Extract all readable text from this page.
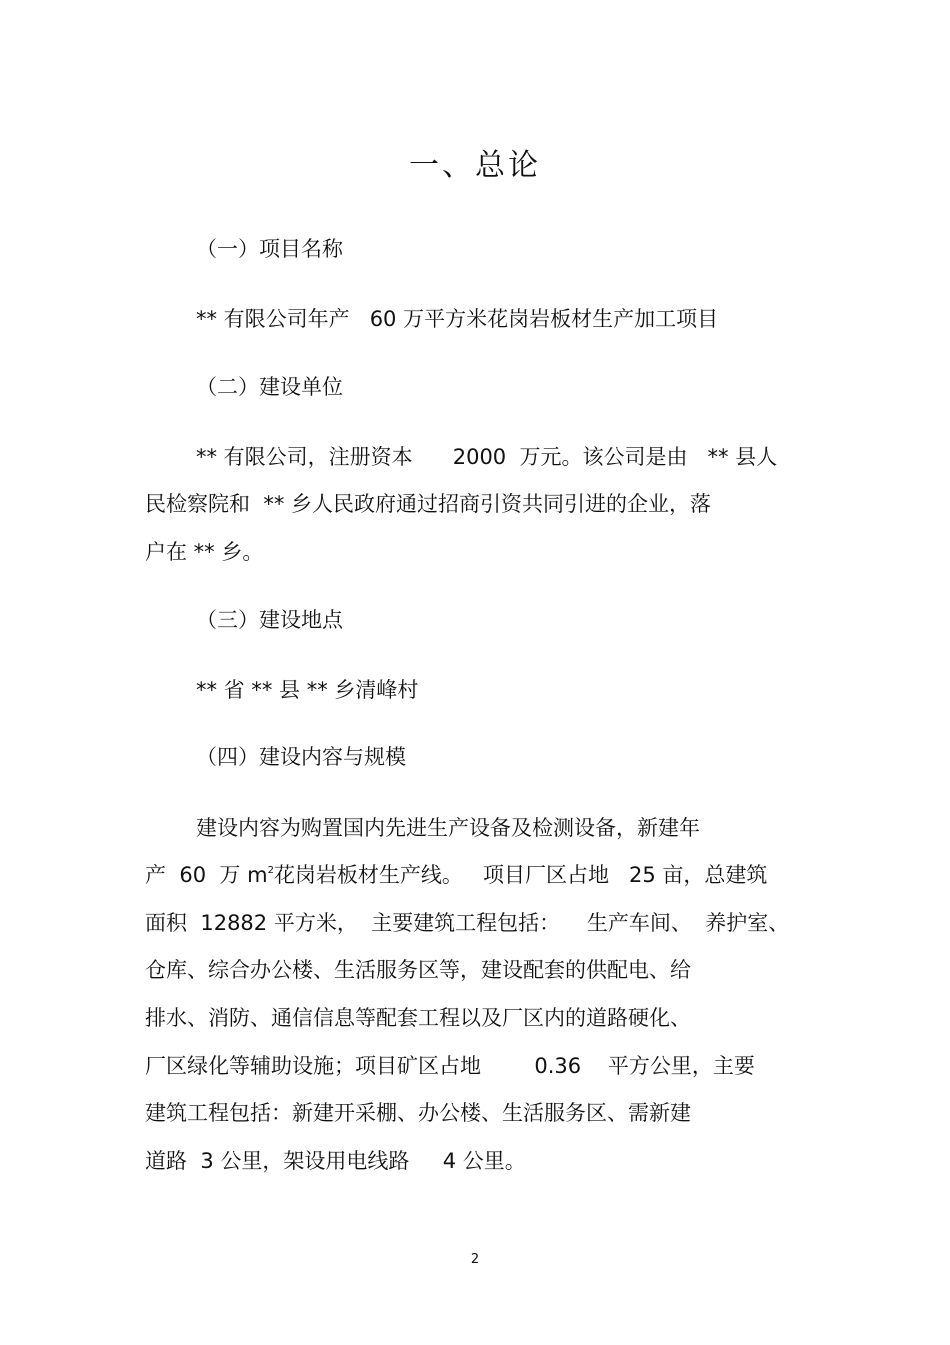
一、总论
（一）项目名称
** 有限公司年产   60 万平方米花岗岩板材生产加工项目
（二）建设单位
** 有限公司，注册资本      2000  万元。该公司是由   ** 县人
民检察院和  ** 乡人民政府通过招商引资共同引进的企业，落
户在 ** 乡。
（三）建设地点
** 省 ** 县 ** 乡清峰村
（四）建设内容与规模
建设内容为购置国内先进生产设备及检测设备，新建年
产  60  万 $m^2$花岗岩板材生产线。   项目厂区占地   25 亩，总建筑
面积  12882 平方米，  主要建筑工程包括：    生产车间、  养护室、
仓库、综合办公楼、生活服务区等，建设配套的供配电、给
排水、消防、通信信息等配套工程以及厂区内的道路硬化、
厂区绿化等辅助设施；项目矿区占地        0.36    平方公里，主要
建筑工程包括：新建开采棚、办公楼、生活服务区、需新建
道路  3 公里，架设用电线路     4 公里。
2
